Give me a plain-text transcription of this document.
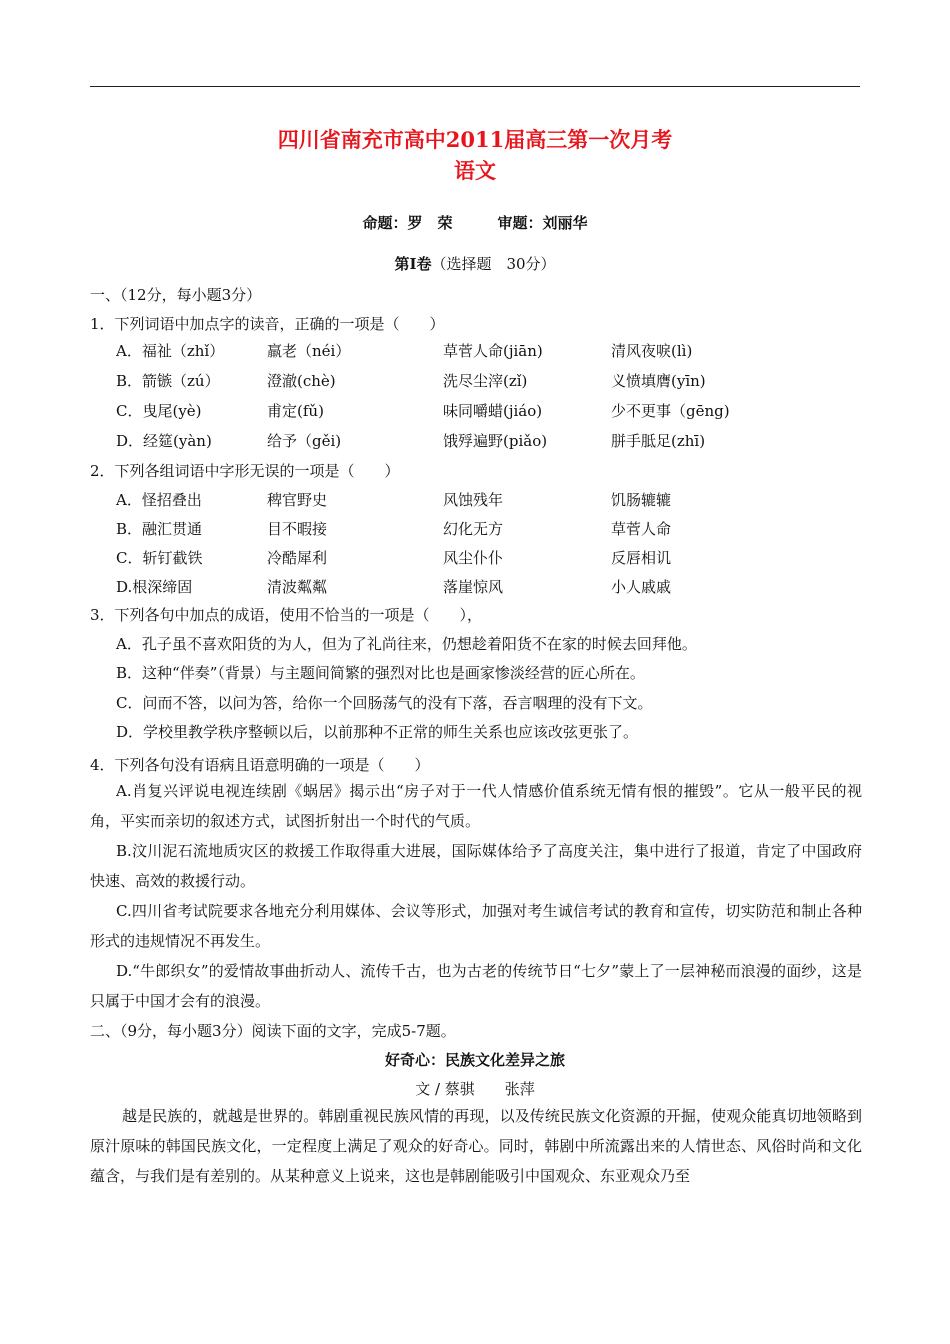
四川省南充市高中2011届高三第一次月考
语文
命题：罗　荣　　　	审题：刘丽华
第Ⅰ卷（选择题　30分）
一、（12分，每小题3分）
1．下列词语中加点字的读音，正确的一项是（　　）
A．福祉（zhǐ）	羸老（néi）	草菅人命(jiān)	清风夜唳(lì)
B．箭镞（zú）	澄澈(chè)	洗尽尘滓(zǐ)	义愤填膺(yīn)
C．曳尾(yè)	甫定(fǔ)	味同嚼蜡(jiáo)	少不更事（gēng)
D．经筵(yàn)	给予（gěi)	饿殍遍野(piǎo)	胼手胝足(zhī)
2．下列各组词语中字形无误的一项是（　　）
A．怪招叠出	稗官野史	风蚀残年	饥肠辘辘
B．融汇贯通	目不暇接	幻化无方	草菅人命
C．斩钉截铁	冷酷犀利	风尘仆仆	反唇相讥
D.根深缔固	清波粼粼	落崖惊风	小人戚戚
3．下列各句中加点的成语，使用不恰当的一项是（　　），
A．孔子虽不喜欢阳货的为人，但为了礼尚往来，仍想趁着阳货不在家的时候去回拜他。
B．这种“伴奏”（背景）与主题间简繁的强烈对比也是画家惨淡经营的匠心所在。
C．问而不答，以问为答，给你一个回肠荡气的没有下落，吞言咽理的没有下文。
D．学校里教学秩序整顿以后，以前那种不正常的师生关系也应该改弦更张了。
4．下列各句没有语病且语意明确的一项是（　　）
A.肖复兴评说电视连续剧《蜗居》揭示出“房子对于一代人情感价值系统无情有恨的摧毁”。它从一般平民的视角，平实而亲切的叙述方式，试图折射出一个时代的气质。
B.汶川泥石流地质灾区的救援工作取得重大进展，国际媒体给予了高度关注，集中进行了报道，肯定了中国政府快速、高效的救援行动。
C.四川省考试院要求各地充分利用媒体、会议等形式，加强对考生诚信考试的教育和宣传，切实防范和制止各种形式的违规情况不再发生。
D.“牛郎织女”的爱情故事曲折动人、流传千古，也为古老的传统节日“七夕”蒙上了一层神秘而浪漫的面纱，这是只属于中国才会有的浪漫。
二、（9分，每小题3分）阅读下面的文字，完成5-7题。
好奇心：民族文化差异之旅
文 / 蔡骐　　张萍
越是民族的，就越是世界的。韩剧重视民族风情的再现，以及传统民族文化资源的开掘，使观众能真切地领略到原汁原味的韩国民族文化，一定程度上满足了观众的好奇心。同时，韩剧中所流露出来的人情世态、风俗时尚和文化蕴含，与我们是有差别的。从某种意义上说来，这也是韩剧能吸引中国观众、东亚观众乃至
